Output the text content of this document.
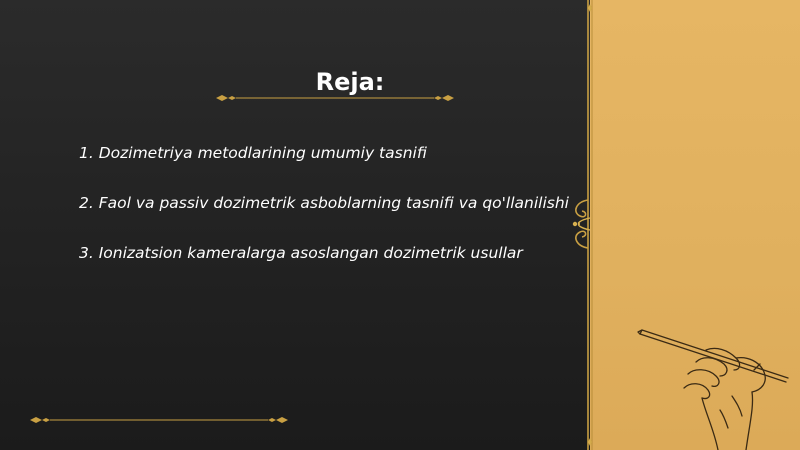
Reja:
1. Dozimetriya metodlarining umumiy tasnifi
2. Faol va passiv dozimetrik asboblarning tasnifi va qo'llanilishi
3. Ionizatsion kameralarga asoslangan dozimetrik usullar
